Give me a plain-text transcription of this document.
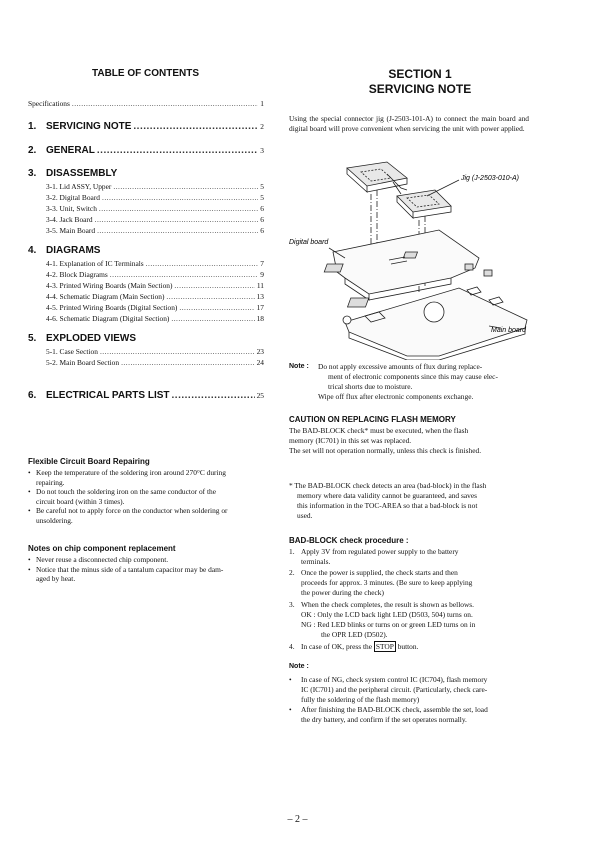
TABLE OF CONTENTS
Specifications .....	1
1. SERVICING NOTE .....	2
2. GENERAL .....	3
3. DISASSEMBLY
3-1. Lid ASSY, Upper .....	5
3-2. Digital Board .....	5
3-3. Unit, Switch .....	6
3-4. Jack Board .....	6
3-5. Main Board .....	6
4. DIAGRAMS
4-1. Explanation of IC Terminals .....	7
4-2. Block Diagrams .....	9
4-3. Printed Wiring Boards (Main Section) .....	11
4-4. Schematic Diagram (Main Section) .....	13
4-5. Printed Wiring Boards (Digital Section) .....	17
4-6. Schematic Diagram (Digital Section) .....	18
5. EXPLODED VIEWS
5-1. Case Section .....	23
5-2. Main Board Section .....	24
6. ELECTRICAL PARTS LIST .....	25
Flexible Circuit Board Repairing
• Keep the temperature of the soldering iron around 270°C during
repairing.
• Do not touch the soldering iron on the same conductor of the
circuit board (within 3 times).
• Be careful not to apply force on the conductor when soldering or
unsoldering.
Notes on chip component replacement
• Never reuse a disconnected chip component.
• Notice that the minus side of a tantalum capacitor may be dam-
aged by heat.
SECTION 1
SERVICING NOTE
Using the special connector jig (J-2503-101-A) to connect the main board and digital board will prove convenient when servicing the unit with power applied.
Jig (J-2503-010-A)
Digital board
Main board
Note : Do not apply excessive amounts of flux during replace-
ment of electronic components since this may cause elec-
trical shorts due to moisture.
Wipe off flux after electronic components exchange.
CAUTION ON REPLACING FLASH MEMORY
The BAD-BLOCK check* must be executed, when the flash
memory (IC701) in this set was replaced.
The set will not operation normally, unless this check is finished.
* The BAD-BLOCK check detects an area (bad-block) in the flash
memory where data validity cannot be guaranteed, and saves
this information in the TOC-AREA so that a bad-block is not
used.
BAD-BLOCK check procedure :
1. Apply 3V from regulated power supply to the battery
terminals.
2. Once the power is supplied, the check starts and then
proceeds for approx. 3 minutes. (Be sure to keep applying
the power during the check)
3. When the check completes, the result is shown as bellows.
OK : Only the LCD back light LED (D503, 504) turns on.
NG : Red LED blinks or turns on or green LED turns on in
the OPR LED (D502).
4. In case of OK, press the STOP button.
Note :
• In case of NG, check system control IC (IC704), flash memory
IC (IC701) and the peripheral circuit. (Particularly, check care-
fully the soldering of the flash memory)
• After finishing the BAD-BLOCK check, assemble the set, load
the dry battery, and confirm if the set operates normally.
– 2 –
